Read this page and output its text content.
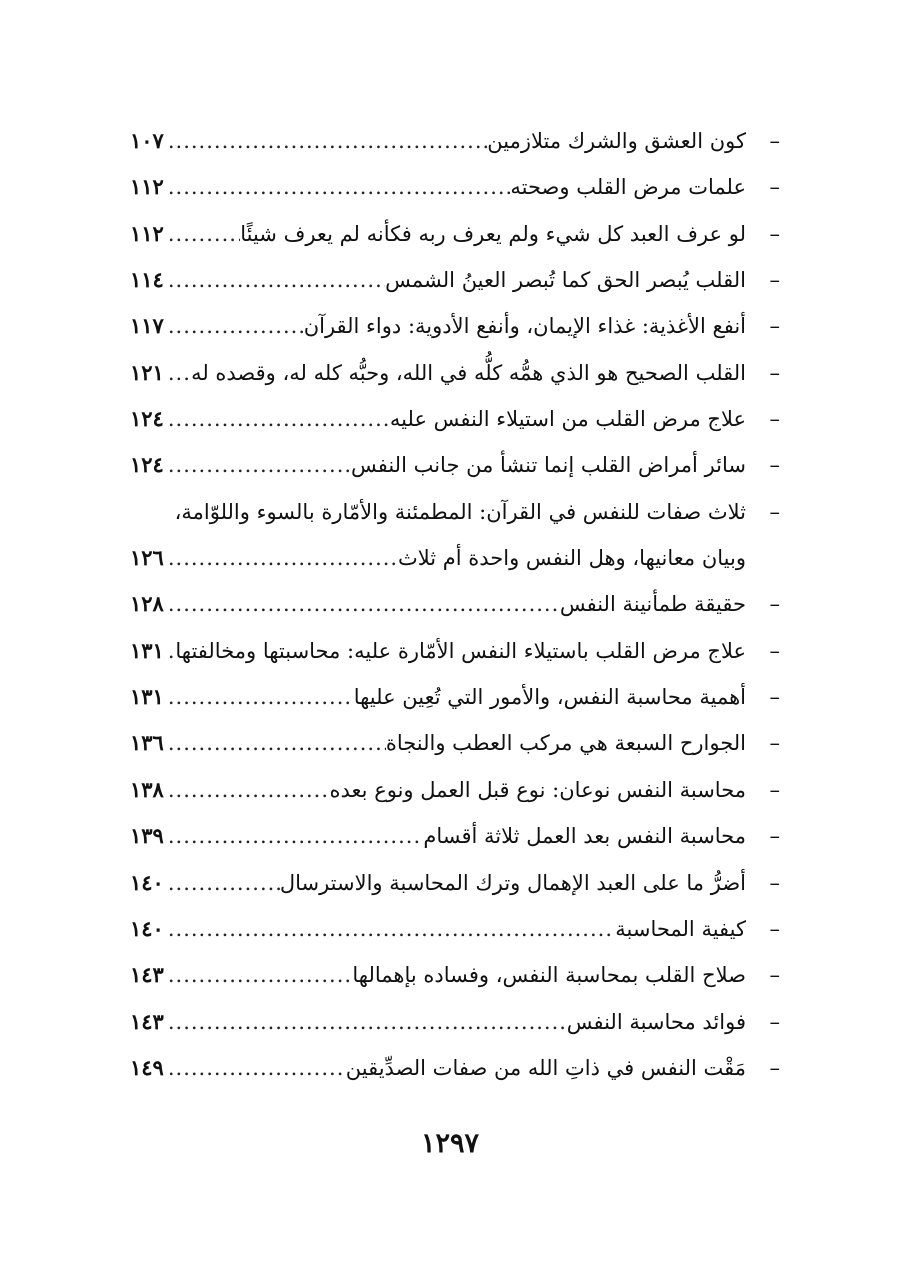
–
كون العشق والشرك متلازمين
.....
١٠٧
–
علمات مرض القلب وصحته
.....
١١٢
–
لو عرف العبد كل شيء ولم يعرف ربه فكأنه لم يعرف شيئًا
.....
١١٢
–
القلب يُبصر الحق كما تُبصر العينُ الشمس
.....
١١٤
–
أنفع الأغذية: غذاء الإيمان، وأنفع الأدوية: دواء القرآن
.....
١١٧
–
القلب الصحيح هو الذي همُّه كلُّه في الله، وحبُّه كله له، وقصده له
.....
١٢١
–
علاج مرض القلب من استيلاء النفس عليه
.....
١٢٤
–
سائر أمراض القلب إنما تنشأ من جانب النفس
.....
١٢٤
–
ثلاث صفات للنفس في القرآن: المطمئنة والأمّارة بالسوء واللوّامة،
وبيان معانيها، وهل النفس واحدة أم ثلاث
.....
١٢٦
–
حقيقة طمأنينة النفس
.....
١٢٨
–
علاج مرض القلب باستيلاء النفس الأمّارة عليه: محاسبتها ومخالفتها
.....
١٣١
–
أهمية محاسبة النفس، والأمور التي تُعِين عليها
.....
١٣١
–
الجوارح السبعة هي مركب العطب والنجاة
.....
١٣٦
–
محاسبة النفس نوعان: نوع قبل العمل ونوع بعده
.....
١٣٨
–
محاسبة النفس بعد العمل ثلاثة أقسام
.....
١٣٩
–
أضرُّ ما على العبد الإهمال وترك المحاسبة والاسترسال
.....
١٤٠
–
كيفية المحاسبة
.....
١٤٠
–
صلاح القلب بمحاسبة النفس، وفساده بإهمالها
.....
١٤٣
–
فوائد محاسبة النفس
.....
١٤٣
–
مَقْت النفس في ذاتِ الله من صفات الصدِّيقين
.....
١٤٩
١٢٩٧
